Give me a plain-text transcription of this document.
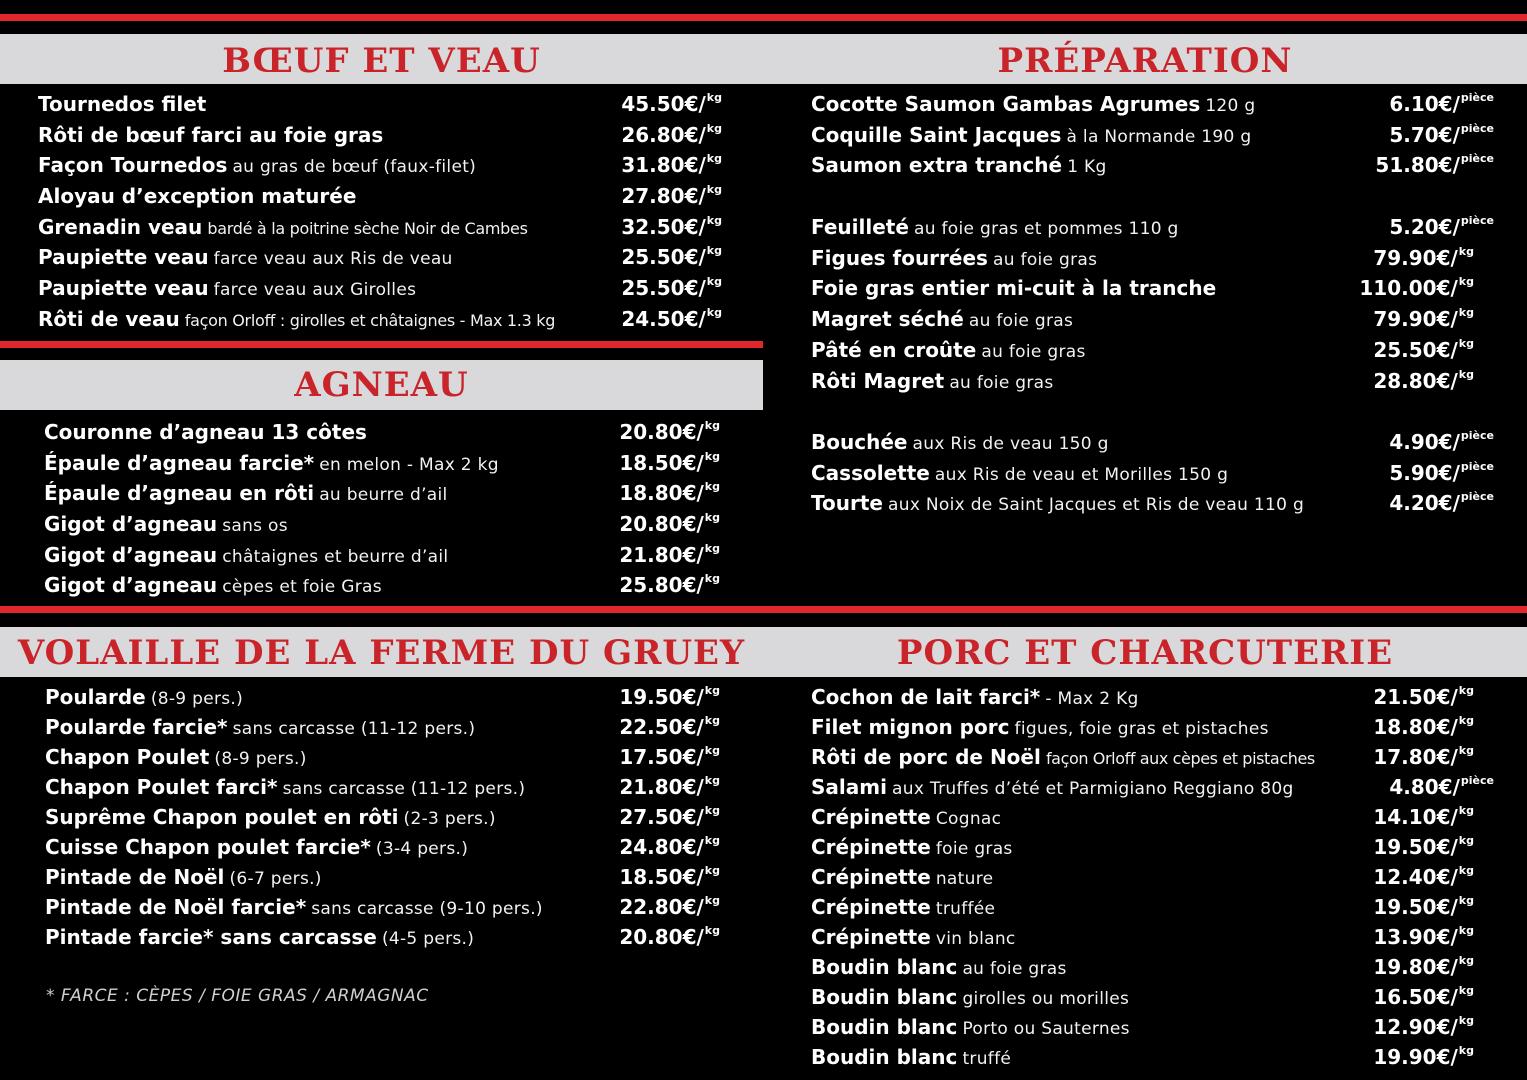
BŒUF ET VEAU	PRÉPARATION
AGNEAU
VOLAILLE DE LA FERME DU GRUEY	PORC ET CHARCUTERIE
Tournedos filet	45.50€/$^{kg}$
Rôti de bœuf farci au foie gras	26.80€/$^{kg}$
Façon Tournedos au gras de bœuf (faux-filet)	31.80€/$^{kg}$
Aloyau d’exception maturée	27.80€/$^{kg}$
Grenadin veau bardé à la poitrine sèche Noir de Cambes	32.50€/$^{kg}$
Paupiette veau farce veau aux Ris de veau	25.50€/$^{kg}$
Paupiette veau farce veau aux Girolles	25.50€/$^{kg}$
Rôti de veau façon Orloff : girolles et châtaignes - Max 1.3 kg	24.50€/$^{kg}$
Couronne d’agneau 13 côtes	20.80€/$^{kg}$
Épaule d’agneau farcie* en melon - Max 2 kg	18.50€/$^{kg}$
Épaule d’agneau en rôti au beurre d’ail	18.80€/$^{kg}$
Gigot d’agneau sans os	20.80€/$^{kg}$
Gigot d’agneau châtaignes et beurre d’ail	21.80€/$^{kg}$
Gigot d’agneau cèpes et foie Gras	25.80€/$^{kg}$
Cocotte Saumon Gambas Agrumes 120 g	6.10€/$^{pièce}$
Coquille Saint Jacques à la Normande 190 g	5.70€/$^{pièce}$
Saumon extra tranché 1 Kg	51.80€/$^{pièce}$
Feuilleté au foie gras et pommes 110 g	5.20€/$^{pièce}$
Figues fourrées au foie gras	79.90€/$^{kg}$
Foie gras entier mi-cuit à la tranche	110.00€/$^{kg}$
Magret séché au foie gras	79.90€/$^{kg}$
Pâté en croûte au foie gras	25.50€/$^{kg}$
Rôti Magret au foie gras	28.80€/$^{kg}$
Bouchée aux Ris de veau 150 g	4.90€/$^{pièce}$
Cassolette aux Ris de veau et Morilles 150 g	5.90€/$^{pièce}$
Tourte aux Noix de Saint Jacques et Ris de veau 110 g	4.20€/$^{pièce}$
Poularde (8-9 pers.)	19.50€/$^{kg}$
Poularde farcie* sans carcasse (11-12 pers.)	22.50€/$^{kg}$
Chapon Poulet (8-9 pers.)	17.50€/$^{kg}$
Chapon Poulet farci* sans carcasse (11-12 pers.)	21.80€/$^{kg}$
Suprême Chapon poulet en rôti (2-3 pers.)	27.50€/$^{kg}$
Cuisse Chapon poulet farcie* (3-4 pers.)	24.80€/$^{kg}$
Pintade de Noël (6-7 pers.)	18.50€/$^{kg}$
Pintade de Noël farcie* sans carcasse (9-10 pers.)	22.80€/$^{kg}$
Pintade farcie* sans carcasse (4-5 pers.)	20.80€/$^{kg}$
Cochon de lait farci* - Max 2 Kg	21.50€/$^{kg}$
Filet mignon porc figues, foie gras et pistaches	18.80€/$^{kg}$
Rôti de porc de Noël façon Orloff aux cèpes et pistaches	17.80€/$^{kg}$
Salami aux Truffes d’été et Parmigiano Reggiano 80g	4.80€/$^{pièce}$
Crépinette Cognac	14.10€/$^{kg}$
Crépinette foie gras	19.50€/$^{kg}$
Crépinette nature	12.40€/$^{kg}$
Crépinette truffée	19.50€/$^{kg}$
Crépinette vin blanc	13.90€/$^{kg}$
Boudin blanc au foie gras	19.80€/$^{kg}$
Boudin blanc girolles ou morilles	16.50€/$^{kg}$
Boudin blanc Porto ou Sauternes	12.90€/$^{kg}$
Boudin blanc truffé	19.90€/$^{kg}$
* FARCE : CÈPES / FOIE GRAS / ARMAGNAC
